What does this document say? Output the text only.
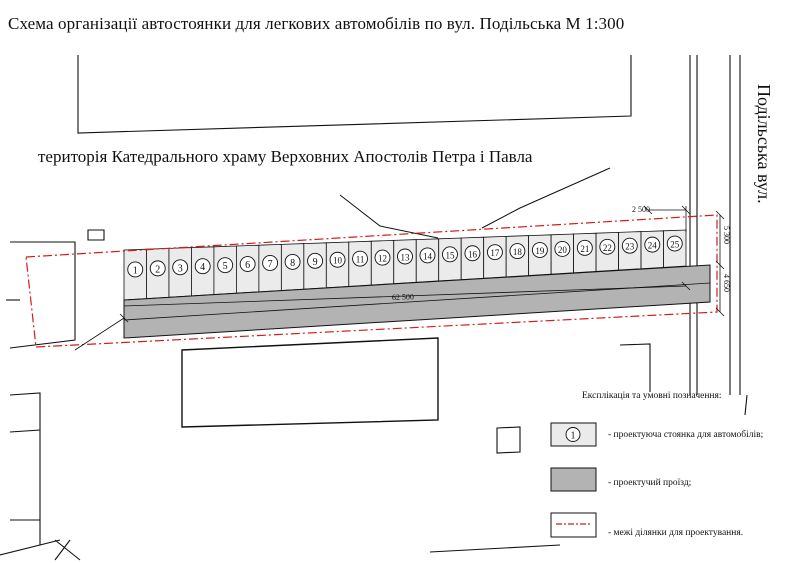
1 2 3 4 5 6 7 8 9 10 11 12 13 14 15 16 17 18 19 20 21 22 23 24 25
62 500
2 500
5 300
4 650
1
Схема організації автостоянки для легкових автомобілів по вул. Подільська М 1:300
територія Катедрального храму Верховних Апостолів Петра і Павла	Подільська вул.
Експлікація та умовні позначення:
- проектуюча стоянка для автомобілів;
- проектучий проїзд;
- межі ділянки для проектування.
